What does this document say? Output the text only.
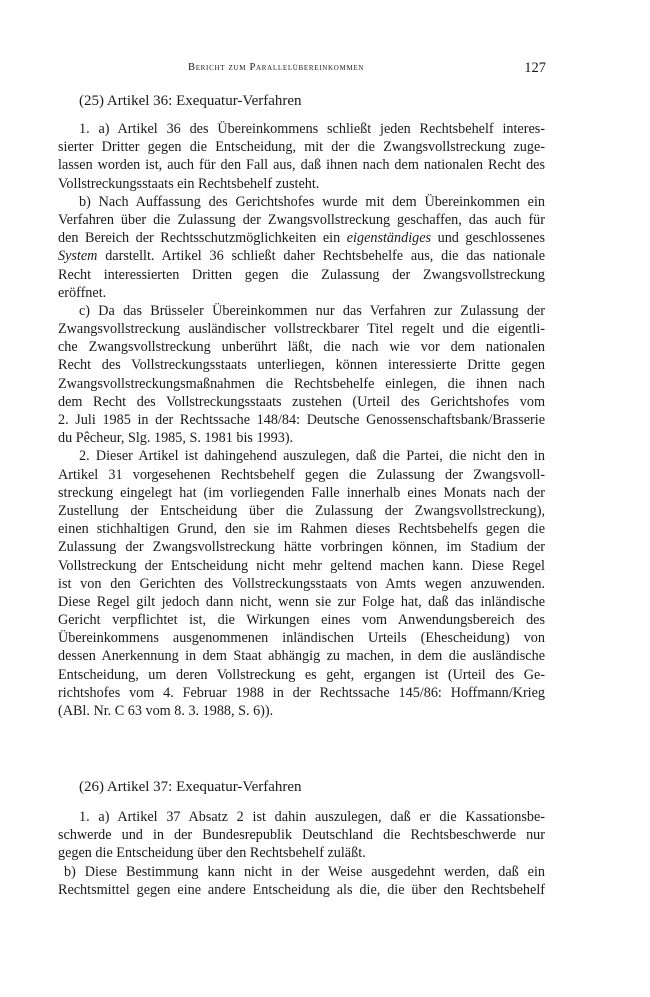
Bericht zum Parallelübereinkommen	127
(25) Artikel 36: Exequatur-Verfahren
1. a) Artikel 36 des Übereinkommens schließt jeden Rechtsbehelf interes-
sierter Dritter gegen die Entscheidung, mit der die Zwangsvollstreckung zuge-
lassen worden ist, auch für den Fall aus, daß ihnen nach dem nationalen Recht des
Vollstreckungsstaats ein Rechtsbehelf zusteht.
b) Nach Auffassung des Gerichtshofes wurde mit dem Übereinkommen ein
Verfahren über die Zulassung der Zwangsvollstreckung geschaffen, das auch für
den Bereich der Rechtsschutzmöglichkeiten ein eigenständiges und geschlossenes
System darstellt. Artikel 36 schließt daher Rechtsbehelfe aus, die das nationale
Recht interessierten Dritten gegen die Zulassung der Zwangsvollstreckung
eröffnet.
c) Da das Brüsseler Übereinkommen nur das Verfahren zur Zulassung der
Zwangsvollstreckung ausländischer vollstreckbarer Titel regelt und die eigentli-
che Zwangsvollstreckung unberührt läßt, die nach wie vor dem nationalen
Recht des Vollstreckungsstaats unterliegen, können interessierte Dritte gegen
Zwangsvollstreckungsmaßnahmen die Rechtsbehelfe einlegen, die ihnen nach
dem Recht des Vollstreckungsstaats zustehen (Urteil des Gerichtshofes vom
2. Juli 1985 in der Rechtssache 148/84: Deutsche Genossenschaftsbank/Brasserie
du Pêcheur, Slg. 1985, S. 1981 bis 1993).
2. Dieser Artikel ist dahingehend auszulegen, daß die Partei, die nicht den in
Artikel 31 vorgesehenen Rechtsbehelf gegen die Zulassung der Zwangsvoll-
streckung eingelegt hat (im vorliegenden Falle innerhalb eines Monats nach der
Zustellung der Entscheidung über die Zulassung der Zwangsvollstreckung),
einen stichhaltigen Grund, den sie im Rahmen dieses Rechtsbehelfs gegen die
Zulassung der Zwangsvollstreckung hätte vorbringen können, im Stadium der
Vollstreckung der Entscheidung nicht mehr geltend machen kann. Diese Regel
ist von den Gerichten des Vollstreckungsstaats von Amts wegen anzuwenden.
Diese Regel gilt jedoch dann nicht, wenn sie zur Folge hat, daß das inländische
Gericht verpflichtet ist, die Wirkungen eines vom Anwendungsbereich des
Übereinkommens ausgenommenen inländischen Urteils (Ehescheidung) von
dessen Anerkennung in dem Staat abhängig zu machen, in dem die ausländische
Entscheidung, um deren Vollstreckung es geht, ergangen ist (Urteil des Ge-
richtshofes vom 4. Februar 1988 in der Rechtssache 145/86: Hoffmann/Krieg
(ABl. Nr. C 63 vom 8. 3. 1988, S. 6)).
(26) Artikel 37: Exequatur-Verfahren
1. a) Artikel 37 Absatz 2 ist dahin auszulegen, daß er die Kassationsbe-
schwerde und in der Bundesrepublik Deutschland die Rechtsbeschwerde nur
gegen die Entscheidung über den Rechtsbehelf zuläßt.
b) Diese Bestimmung kann nicht in der Weise ausgedehnt werden, daß ein
Rechtsmittel gegen eine andere Entscheidung als die, die über den Rechtsbehelf
